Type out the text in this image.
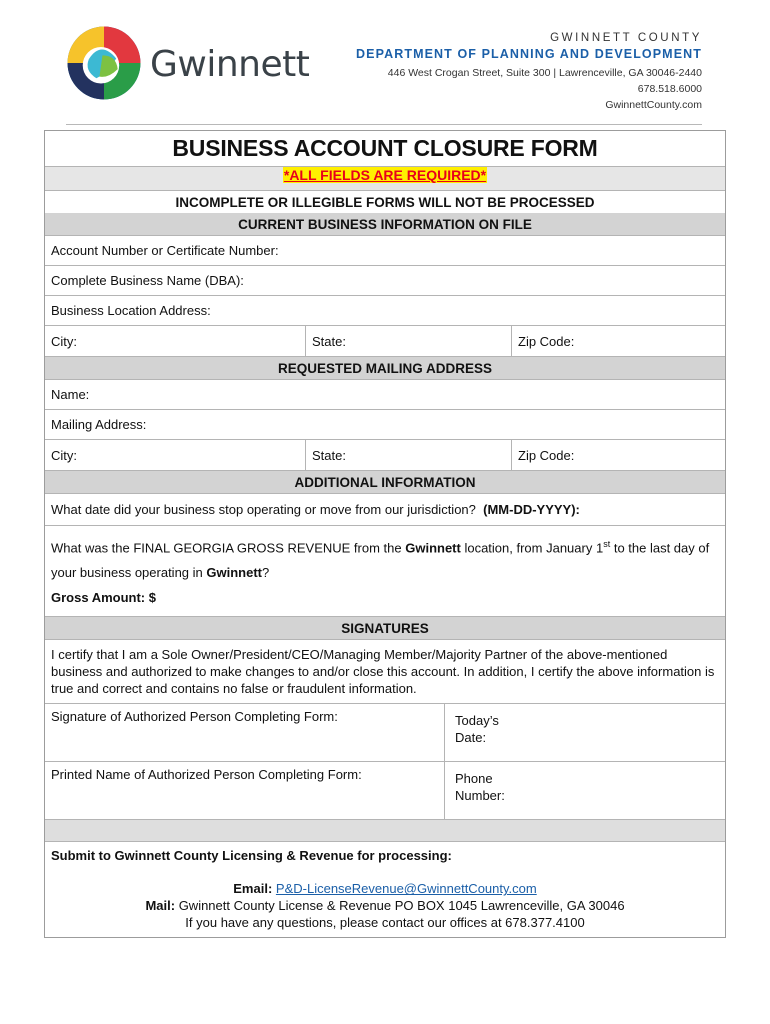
Gwinnett
GWINNETT COUNTY
DEPARTMENT OF PLANNING AND DEVELOPMENT
446 West Crogan Street, Suite 300 | Lawrenceville, GA 30046-2440
678.518.6000
GwinnettCounty.com
BUSINESS ACCOUNT CLOSURE FORM
*ALL FIELDS ARE REQUIRED*
INCOMPLETE OR ILLEGIBLE FORMS WILL NOT BE PROCESSED
CURRENT BUSINESS INFORMATION ON FILE
Account Number or Certificate Number:
Complete Business Name (DBA):
Business Location Address:
City:	State:	Zip Code:
REQUESTED MAILING ADDRESS
Name:
Mailing Address:
City:	State:	Zip Code:
ADDITIONAL INFORMATION
What date did your business stop operating or move from our jurisdiction?
(MM-DD-YYYY):
What was the FINAL GEORGIA GROSS REVENUE from the Gwinnett location, from January 1st to the last day of your business operating in Gwinnett?
Gross Amount: $
SIGNATURES
I certify that I am a Sole Owner/President/CEO/Managing Member/Majority Partner of the above-mentioned business and authorized to make changes to and/or close this account. In addition, I certify the above information is true and correct and contains no false or fraudulent information.
Signature of Authorized Person Completing Form:	Today’s
Date:
Printed Name of Authorized Person Completing Form:	Phone
Number:
Submit to Gwinnett County Licensing & Revenue for processing:
Email: P&D-LicenseRevenue@GwinnettCounty.com
Mail: Gwinnett County License & Revenue PO BOX 1045 Lawrenceville, GA 30046
If you have any questions, please contact our offices at 678.377.4100
